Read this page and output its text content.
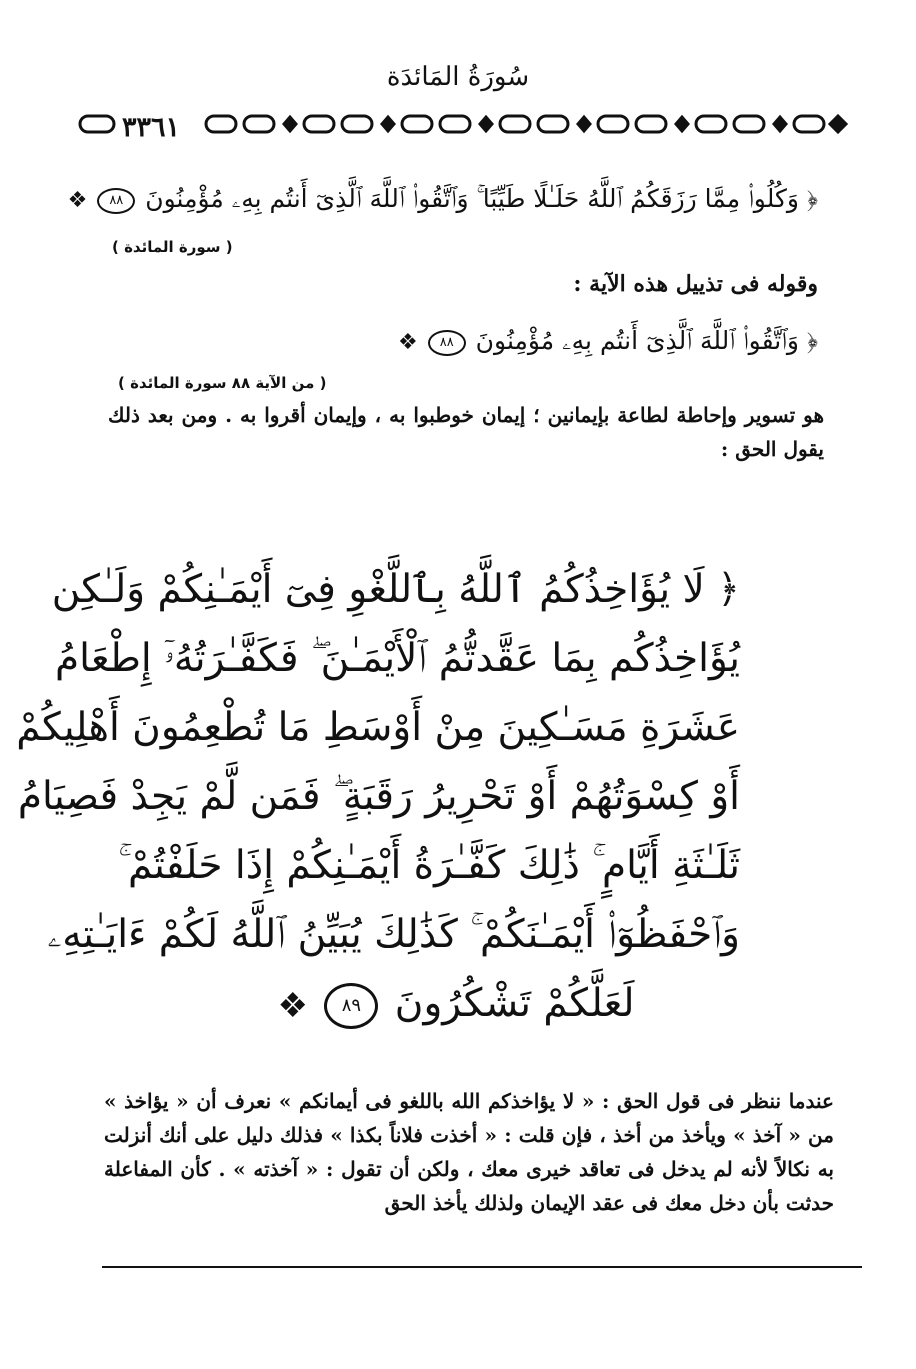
سُورَةُ المَائدَة
٣٣٦١
﴿ وَكُلُوا۟ مِمَّا رَزَقَكُمُ ٱللَّهُ حَلَـٰلًا طَيِّبًا ۚ وَٱتَّقُوا۟ ٱللَّهَ ٱلَّذِىٓ أَنتُم بِهِۦ مُؤْمِنُونَ ٨٨ ❖
( سورة المائدة )
وقوله فى تذييل هذه الآية :
﴿ وَٱتَّقُوا۟ ٱللَّهَ ٱلَّذِىٓ أَنتُم بِهِۦ مُؤْمِنُونَ ٨٨ ❖
( من الآية ٨٨ سورة المائدة )
هو تسوير وإحاطة لطاعة بإيمانين ؛ إيمان خوطبوا به ، وإيمان أقروا به . ومن بعد ذلك يقول الحق :
﴿ لَا يُؤَاخِذُكُمُ ٱللَّهُ بِٱللَّغْوِ فِىٓ أَيْمَـٰنِكُمْ وَلَـٰكِن
يُؤَاخِذُكُم بِمَا عَقَّدتُّمُ ٱلْأَيْمَـٰنَ ۖ فَكَفَّـٰرَتُهُۥٓ إِطْعَامُ
عَشَرَةِ مَسَـٰكِينَ مِنْ أَوْسَطِ مَا تُطْعِمُونَ أَهْلِيكُمْ
أَوْ كِسْوَتُهُمْ أَوْ تَحْرِيرُ رَقَبَةٍ ۖ فَمَن لَّمْ يَجِدْ فَصِيَامُ
ثَلَـٰثَةِ أَيَّامٍ ۚ ذَٰلِكَ كَفَّـٰرَةُ أَيْمَـٰنِكُمْ إِذَا حَلَفْتُمْ ۚ
وَٱحْفَظُوٓا۟ أَيْمَـٰنَكُمْ ۚ كَذَٰلِكَ يُبَيِّنُ ٱللَّهُ لَكُمْ ءَايَـٰتِهِۦ
لَعَلَّكُمْ تَشْكُرُونَ ٨٩ ❖
عندما ننظر فى قول الحق : « لا يؤاخذكم الله باللغو فى أيمانكم » نعرف أن « يؤاخذ » من « آخذ » ويأخذ من أخذ ، فإن قلت : « أخذت فلاناً بكذا » فذلك دليل على أنك أنزلت به نكالاً لأنه لم يدخل فى تعاقد خيرى معك ، ولكن أن تقول : « آخذته » . كأن المفاعلة حدثت بأن دخل معك فى عقد الإيمان ولذلك يأخذ الحق
